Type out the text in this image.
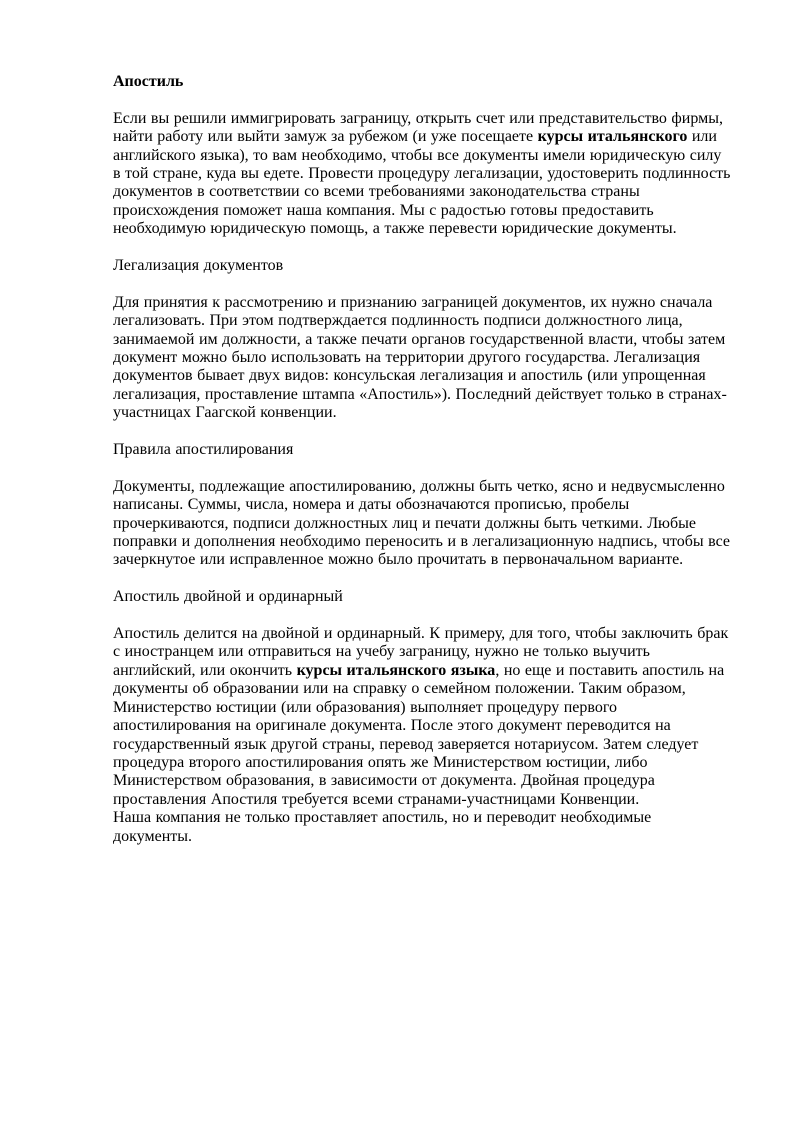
Апостиль
Если вы решили иммигрировать заграницу, открыть счет или представительство фирмы, найти работу или выйти замуж за рубежом (и уже посещаете курсы итальянского или английского языка), то вам необходимо, чтобы все документы имели юридическую силу в той стране, куда вы едете. Провести процедуру легализации, удостоверить подлинность документов в соответствии со всеми требованиями законодательства страны происхождения поможет наша компания. Мы с радостью готовы предоставить необходимую юридическую помощь, а также перевести юридические документы.
Легализация документов
Для принятия к рассмотрению и признанию заграницей документов, их нужно сначала легализовать. При этом подтверждается подлинность подписи должностного лица, занимаемой им должности, а также печати органов государственной власти, чтобы затем документ можно было использовать на территории другого государства. Легализация документов бывает двух видов: консульская легализация и апостиль (или упрощенная легализация, проставление штампа «Апостиль»). Последний действует только в странах-участницах Гаагской конвенции.
Правила апостилирования
Документы, подлежащие апостилированию, должны быть четко, ясно и недвусмысленно написаны. Суммы, числа, номера и даты обозначаются прописью, пробелы прочеркиваются, подписи должностных лиц и печати должны быть четкими. Любые поправки и дополнения необходимо переносить и в легализационную надпись, чтобы все зачеркнутое или исправленное можно было прочитать в первоначальном варианте.
Апостиль двойной и ординарный
Апостиль делится на двойной и ординарный. К примеру, для того, чтобы заключить брак с иностранцем или отправиться на учебу заграницу, нужно не только выучить английский, или окончить курсы итальянского языка, но еще и поставить апостиль на документы об образовании или на справку о семейном положении. Таким образом, Министерство юстиции (или образования) выполняет процедуру первого апостилирования на оригинале документа. После этого документ переводится на государственный язык другой страны, перевод заверяется нотариусом. Затем следует процедура второго апостилирования опять же Министерством юстиции, либо Министерством образования, в зависимости от документа. Двойная процедура проставления Апостиля требуется всеми странами-участницами Конвенции.
Наша компания не только проставляет апостиль, но и переводит необходимые документы.
